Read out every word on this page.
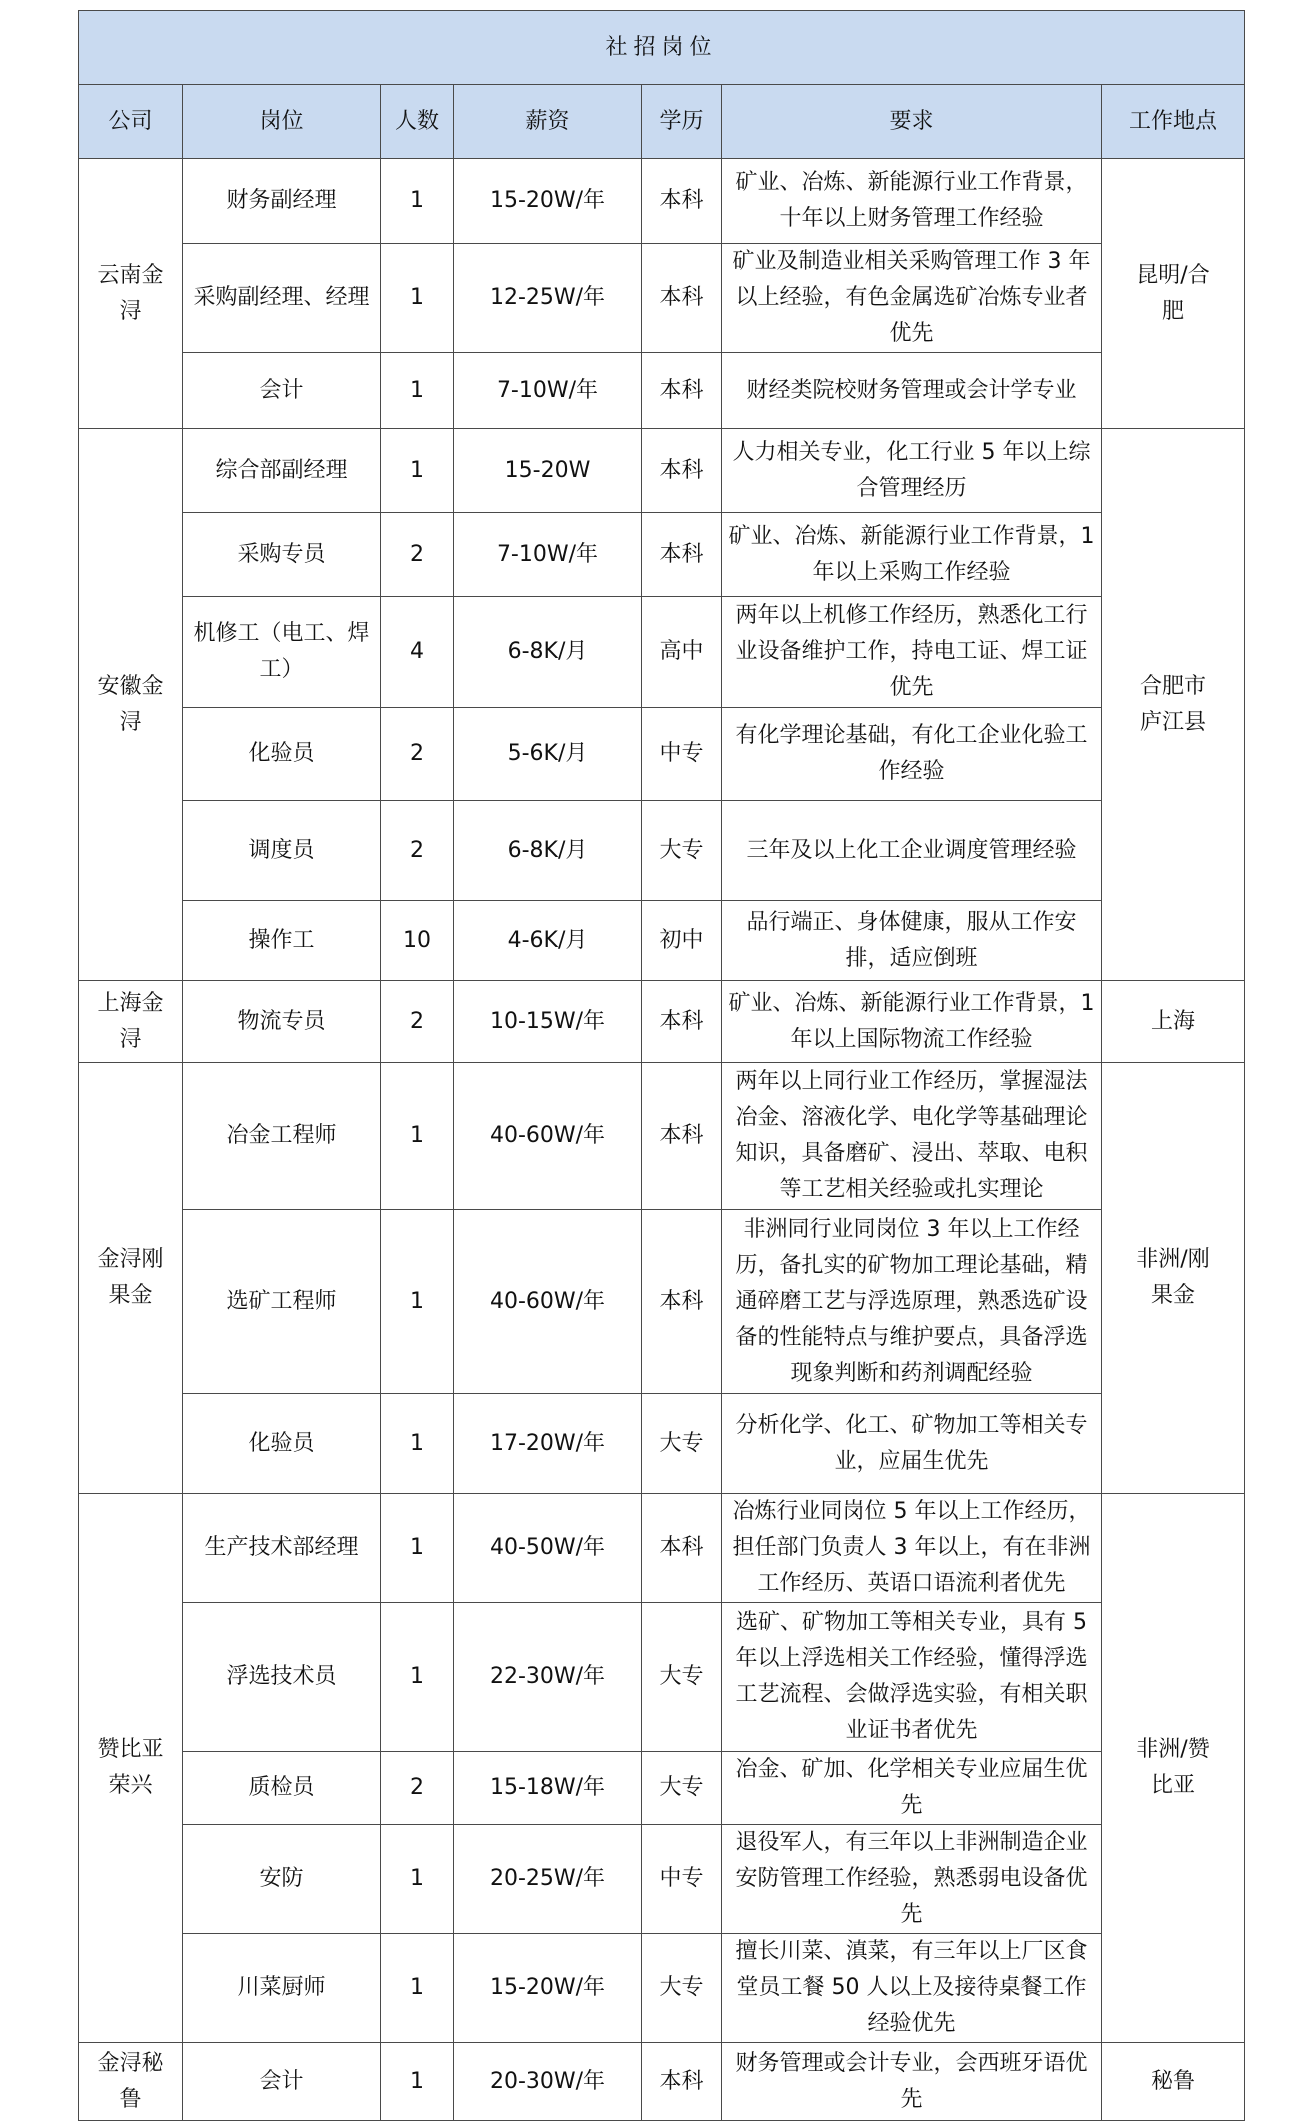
社招岗位						
公司	岗位	人数	薪资	学历	要求	工作地点
云南金浔	财务副经理	1	15-20W/年	本科	矿业、冶炼、新能源行业工作背景，十年以上财务管理工作经验	昆明/合肥
	采购副经理、经理	1	12-25W/年	本科	矿业及制造业相关采购管理工作 3 年以上经验，有色金属选矿冶炼专业者优先	
	会计	1	7-10W/年	本科	财经类院校财务管理或会计学专业	
安徽金浔	综合部副经理	1	15-20W	本科	人力相关专业，化工行业 5 年以上综合管理经历	合肥市庐江县
	采购专员	2	7-10W/年	本科	矿业、冶炼、新能源行业工作背景，1 年以上采购工作经验	
	机修工（电工、焊工）	4	6-8K/月	高中	两年以上机修工作经历，熟悉化工行业设备维护工作，持电工证、焊工证优先	
	化验员	2	5-6K/月	中专	有化学理论基础，有化工企业化验工作经验	
	调度员	2	6-8K/月	大专	三年及以上化工企业调度管理经验	
	操作工	10	4-6K/月	初中	品行端正、身体健康，服从工作安排，适应倒班	
上海金浔	物流专员	2	10-15W/年	本科	矿业、冶炼、新能源行业工作背景，1 年以上国际物流工作经验	上海
金浔刚果金	冶金工程师	1	40-60W/年	本科	两年以上同行业工作经历，掌握湿法冶金、溶液化学、电化学等基础理论知识，具备磨矿、浸出、萃取、电积等工艺相关经验或扎实理论	非洲/刚果金
	选矿工程师	1	40-60W/年	本科	非洲同行业同岗位 3 年以上工作经历，备扎实的矿物加工理论基础，精通碎磨工艺与浮选原理，熟悉选矿设备的性能特点与维护要点，具备浮选现象判断和药剂调配经验	
	化验员	1	17-20W/年	大专	分析化学、化工、矿物加工等相关专业，应届生优先	
赞比亚荣兴	生产技术部经理	1	40-50W/年	本科	冶炼行业同岗位 5 年以上工作经历，担任部门负责人 3 年以上，有在非洲工作经历、英语口语流利者优先	非洲/赞比亚
	浮选技术员	1	22-30W/年	大专	选矿、矿物加工等相关专业，具有 5 年以上浮选相关工作经验，懂得浮选工艺流程、会做浮选实验，有相关职业证书者优先	
	质检员	2	15-18W/年	大专	冶金、矿加、化学相关专业应届生优先	
	安防	1	20-25W/年	中专	退役军人，有三年以上非洲制造企业安防管理工作经验，熟悉弱电设备优先	
	川菜厨师	1	15-20W/年	大专	擅长川菜、滇菜，有三年以上厂区食堂员工餐 50 人以上及接待桌餐工作经验优先	
金浔秘鲁	会计	1	20-30W/年	本科	财务管理或会计专业，会西班牙语优先	秘鲁
